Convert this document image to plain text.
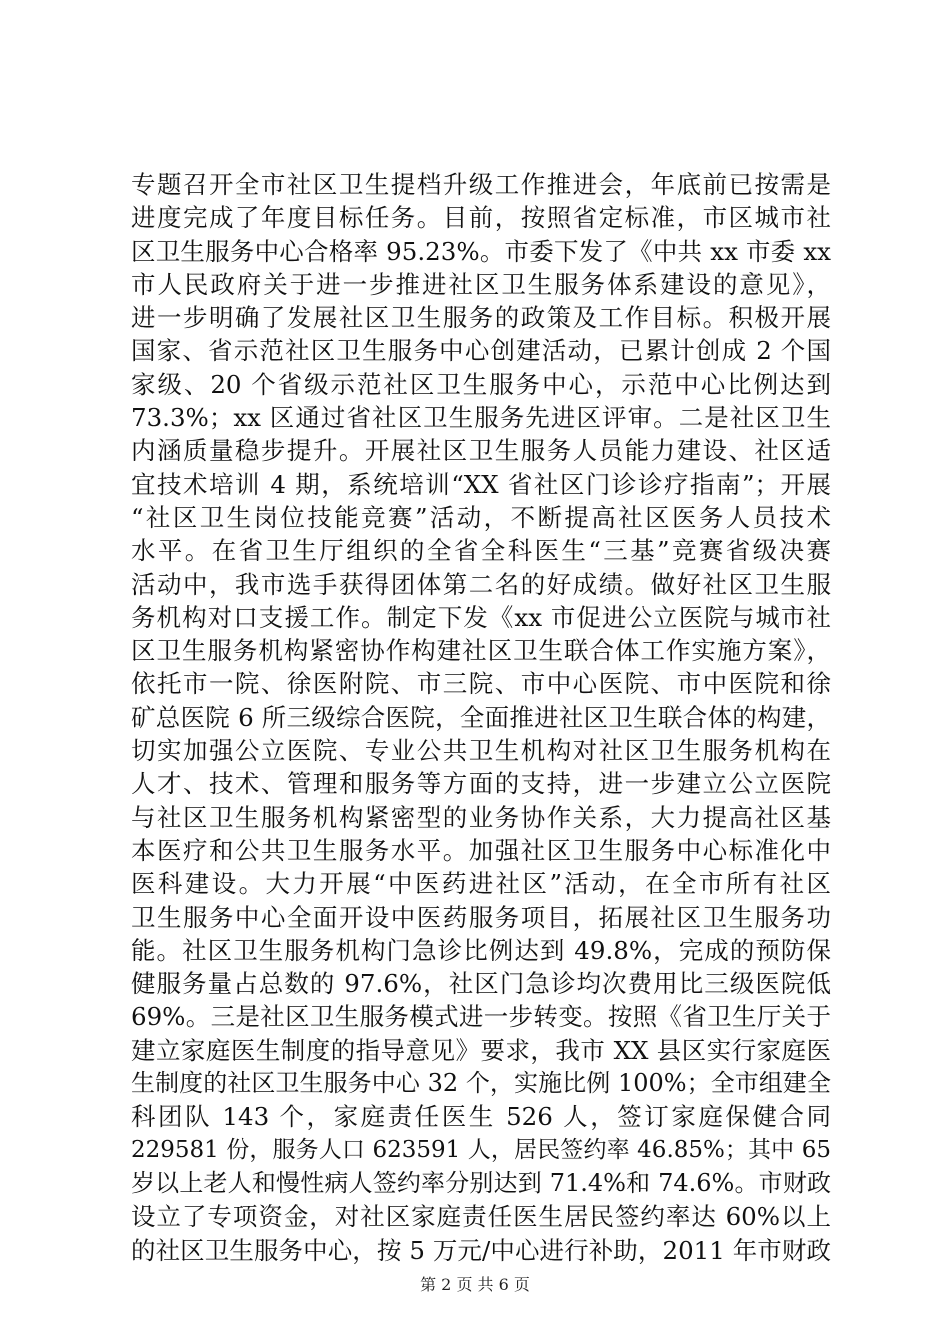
专题召开全市社区卫生提档升级工作推进会，年底前已按需是
进度完成了年度目标任务。目前，按照省定标准，市区城市社
区卫生服务中心合格率 95.23%。市委下发了《中共 xx 市委 xx
市人民政府关于进一步推进社区卫生服务体系建设的意见》，
进一步明确了发展社区卫生服务的政策及工作目标。积极开展
国家、省示范社区卫生服务中心创建活动，已累计创成 2 个国
家级、20 个省级示范社区卫生服务中心，示范中心比例达到
73.3%；xx 区通过省社区卫生服务先进区评审。二是社区卫生
内涵质量稳步提升。开展社区卫生服务人员能力建设、社区适
宜技术培训 4 期，系统培训“XX 省社区门诊诊疗指南”；开展
“社区卫生岗位技能竞赛”活动，不断提高社区医务人员技术
水平。在省卫生厅组织的全省全科医生“三基”竞赛省级决赛
活动中，我市选手获得团体第二名的好成绩。做好社区卫生服
务机构对口支援工作。制定下发《xx 市促进公立医院与城市社
区卫生服务机构紧密协作构建社区卫生联合体工作实施方案》，
依托市一院、徐医附院、市三院、市中心医院、市中医院和徐
矿总医院 6 所三级综合医院，全面推进社区卫生联合体的构建，
切实加强公立医院、专业公共卫生机构对社区卫生服务机构在
人才、技术、管理和服务等方面的支持，进一步建立公立医院
与社区卫生服务机构紧密型的业务协作关系，大力提高社区基
本医疗和公共卫生服务水平。加强社区卫生服务中心标准化中
医科建设。大力开展“中医药进社区”活动，在全市所有社区
卫生服务中心全面开设中医药服务项目，拓展社区卫生服务功
能。社区卫生服务机构门急诊比例达到 49.8%，完成的预防保
健服务量占总数的 97.6%，社区门急诊均次费用比三级医院低
69%。三是社区卫生服务模式进一步转变。按照《省卫生厅关于
建立家庭医生制度的指导意见》要求，我市 XX 县区实行家庭医
生制度的社区卫生服务中心 32 个，实施比例 100%；全市组建全
科团队 143 个，家庭责任医生 526 人，签订家庭保健合同
229581 份，服务人口 623591 人，居民签约率 46.85%；其中 65
岁以上老人和慢性病人签约率分别达到 71.4%和 74.6%。市财政
设立了专项资金，对社区家庭责任医生居民签约率达 60%以上
的社区卫生服务中心，按 5 万元/中心进行补助，2011 年市财政
第 2 页 共 6 页
